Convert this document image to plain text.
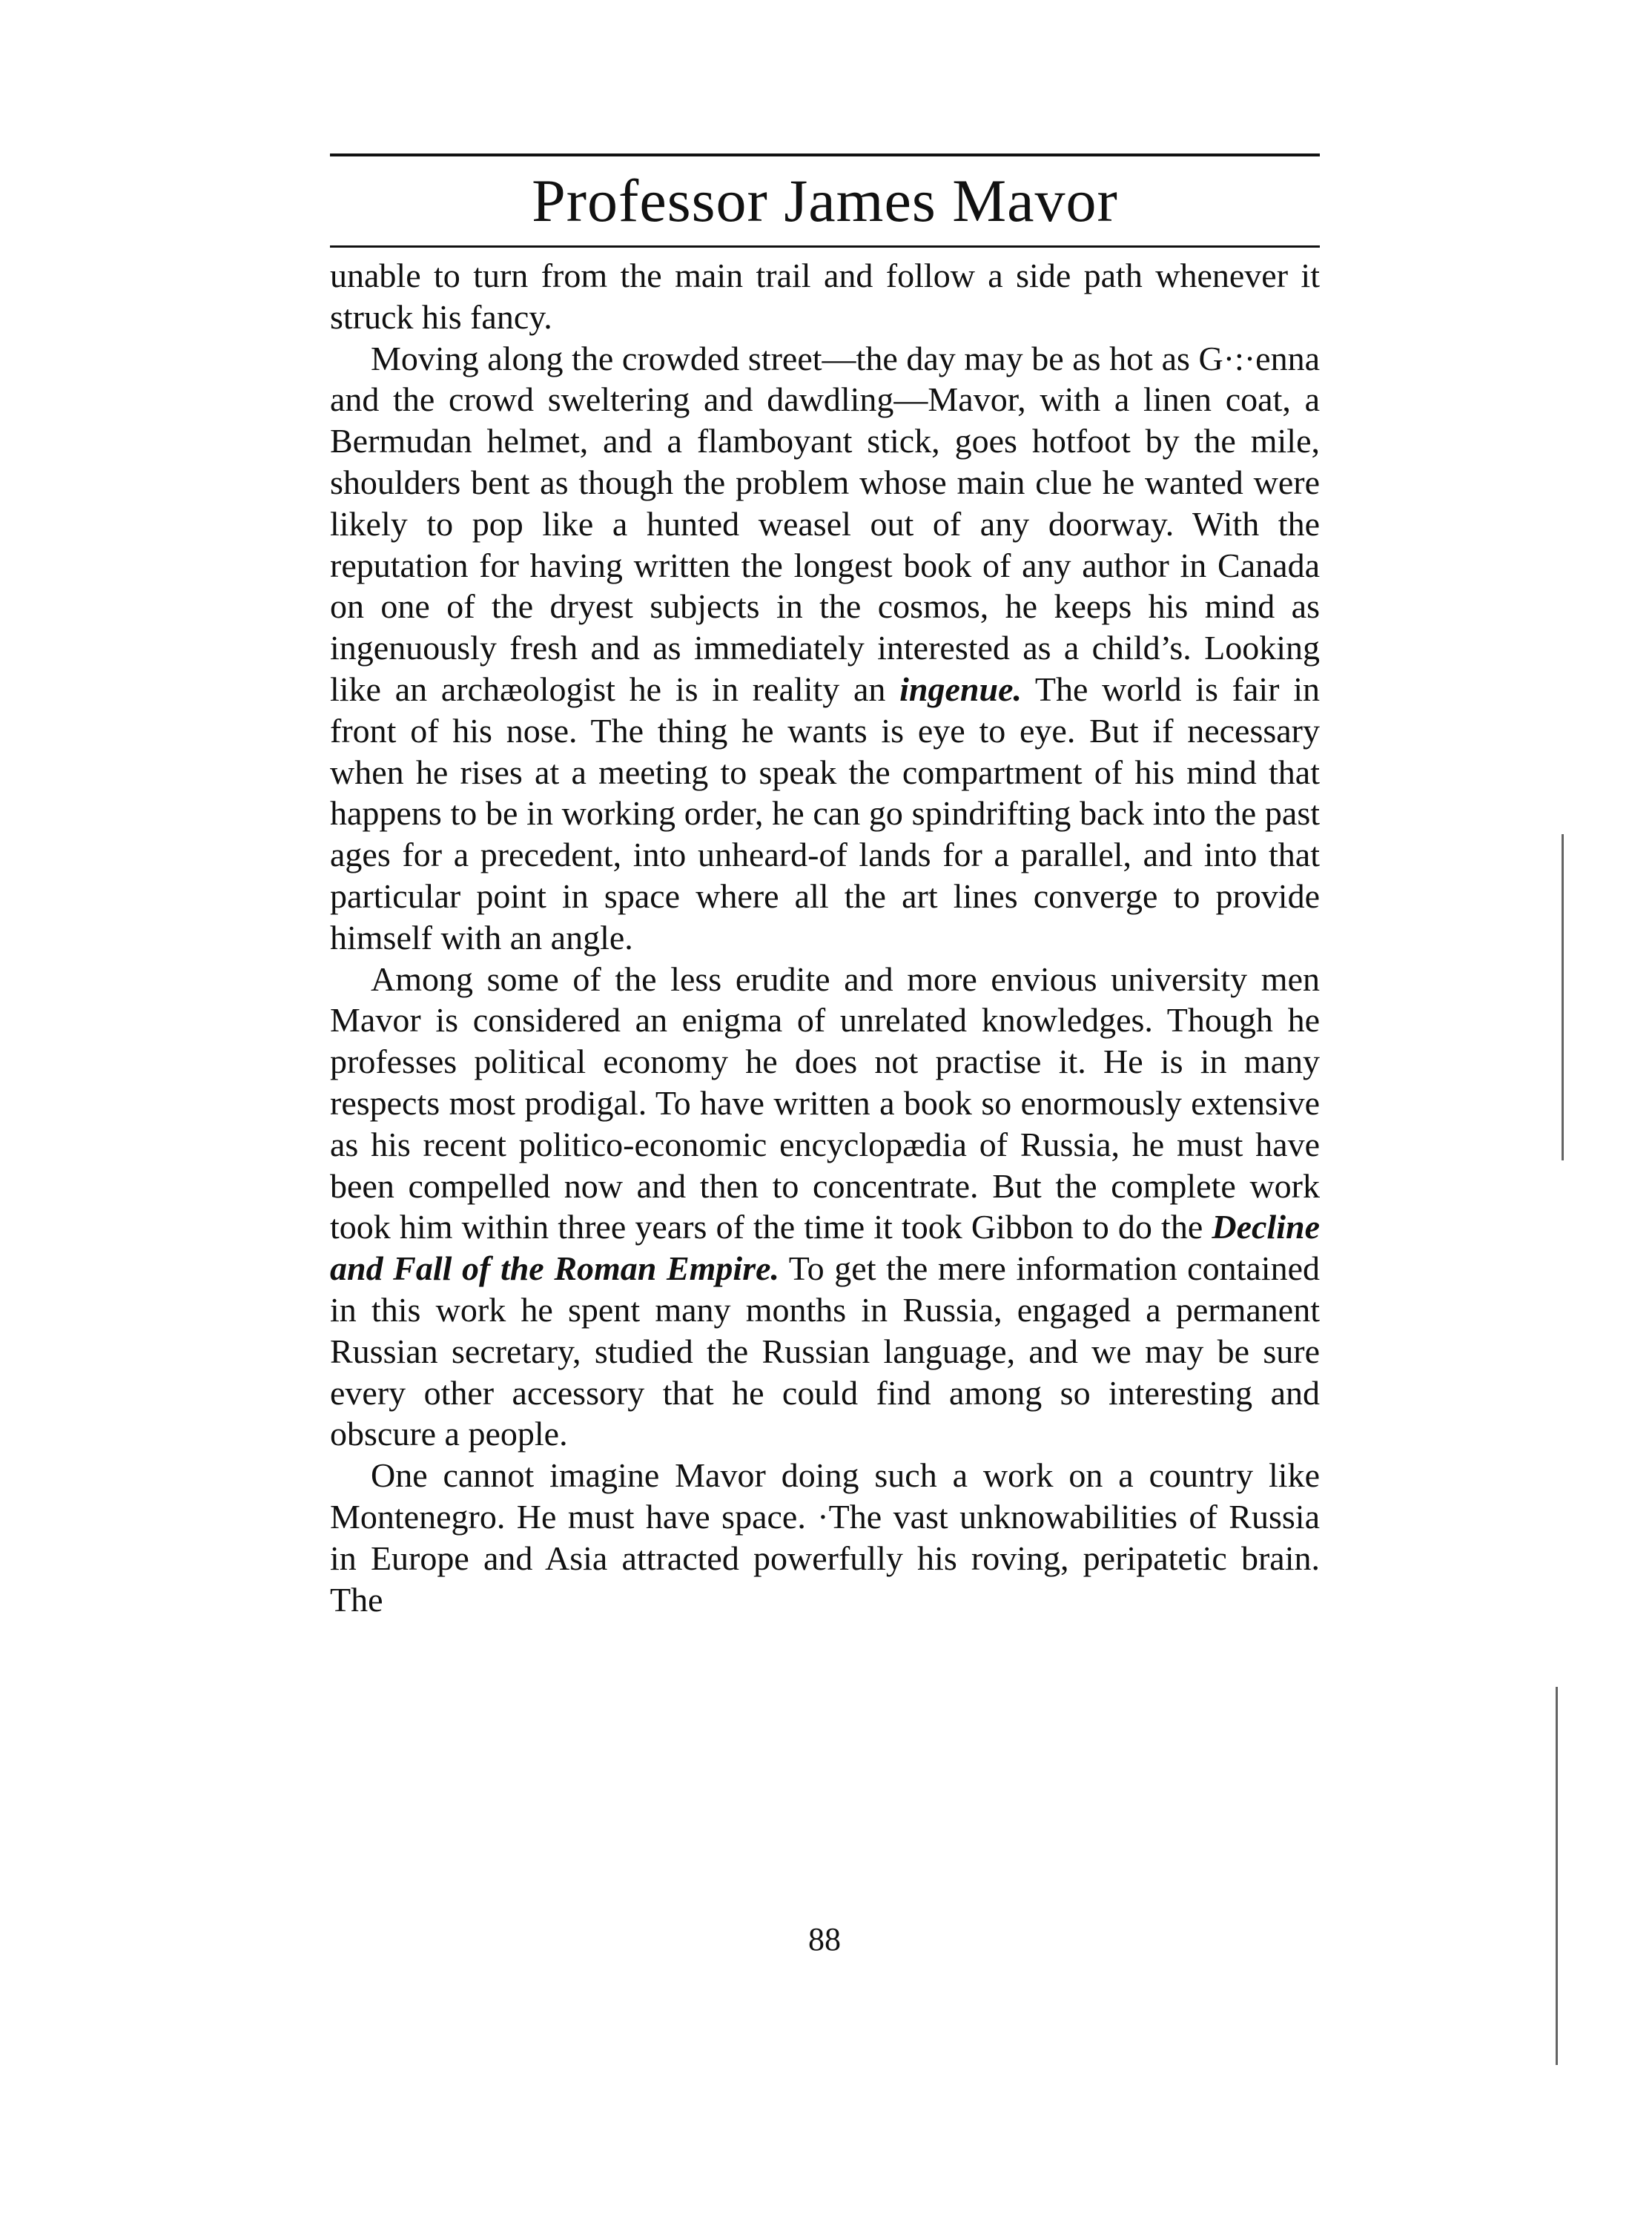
Professor James Mavor

unable to turn from the main trail and follow a side path whenever it struck his fancy.

Moving along the crowded street—the day may be as hot as G·:·enna and the crowd sweltering and dawdling—Mavor, with a linen coat, a Bermudan helmet, and a flamboyant stick, goes hotfoot by the mile, shoulders bent as though the problem whose main clue he wanted were likely to pop like a hunted weasel out of any doorway. With the reputation for having written the longest book of any author in Canada on one of the dryest subjects in the cosmos, he keeps his mind as ingenuously fresh and as immediately interested as a child’s. Looking like an archæologist he is in reality an ingenue. The world is fair in front of his nose. The thing he wants is eye to eye. But if necessary when he rises at a meeting to speak the compartment of his mind that happens to be in working order, he can go spindrifting back into the past ages for a precedent, into unheard-of lands for a parallel, and into that particular point in space where all the art lines converge to provide himself with an angle.

Among some of the less erudite and more envious university men Mavor is considered an enigma of unrelated knowledges. Though he professes political economy he does not practise it. He is in many respects most prodigal. To have written a book so enormously extensive as his recent politico-economic encyclopædia of Russia, he must have been compelled now and then to concentrate. But the complete work took him within three years of the time it took Gibbon to do the Decline and Fall of the Roman Empire. To get the mere information contained in this work he spent many months in Russia, engaged a permanent Russian secretary, studied the Russian language, and we may be sure every other accessory that he could find among so interesting and obscure a people.

One cannot imagine Mavor doing such a work on a country like Montenegro. He must have space. ·The vast unknowabilities of Russia in Europe and Asia attracted powerfully his roving, peripatetic brain. The

88
